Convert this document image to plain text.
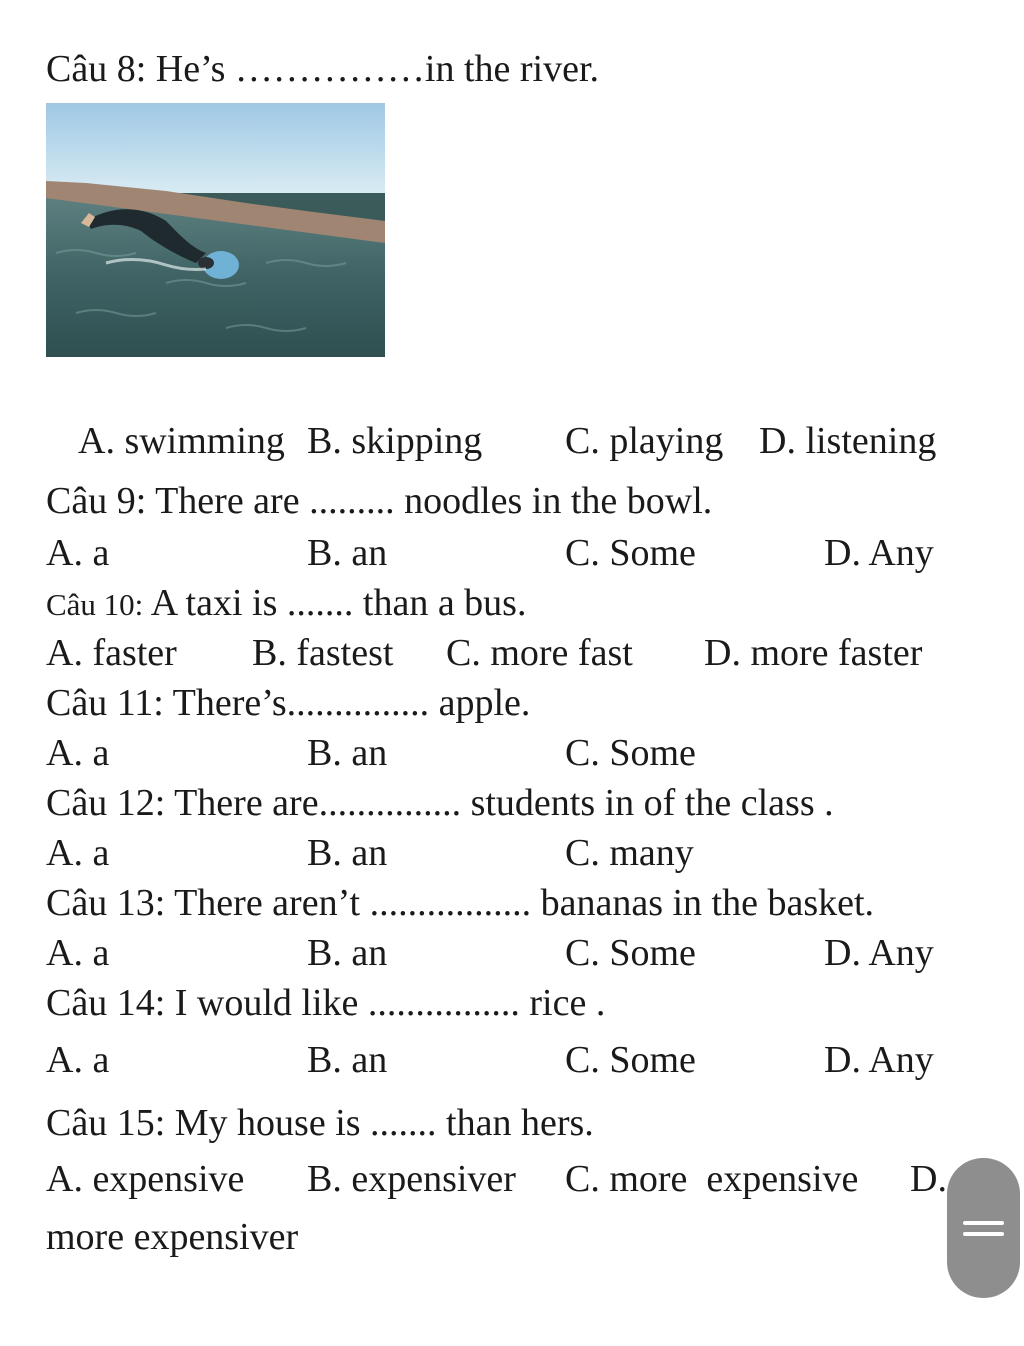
Câu 8: He’s ……………in the river.
A. swimming B. skipping C. playing D. listening
Câu 9: There are ......... noodles in the bowl.
A. a	B. an	C. Some	D. Any
Câu 10: A taxi is ....... than a bus.
A. faster B. fastest C. more fast D. more faster
Câu 11: There’s............... apple.
A. a	B. an	C. Some
Câu 12: There are............... students in of the class .
A. a	B. an	C. many
Câu 13: There aren’t ................. bananas in the basket.
A. a	B. an	C. Some	D. Any
Câu 14: I would like ................ rice .
A. a	B. an	C. Some	D. Any
Câu 15: My house is ....... than hers.
A. expensive B. expensiver C. more  expensive D.
more expensiver
